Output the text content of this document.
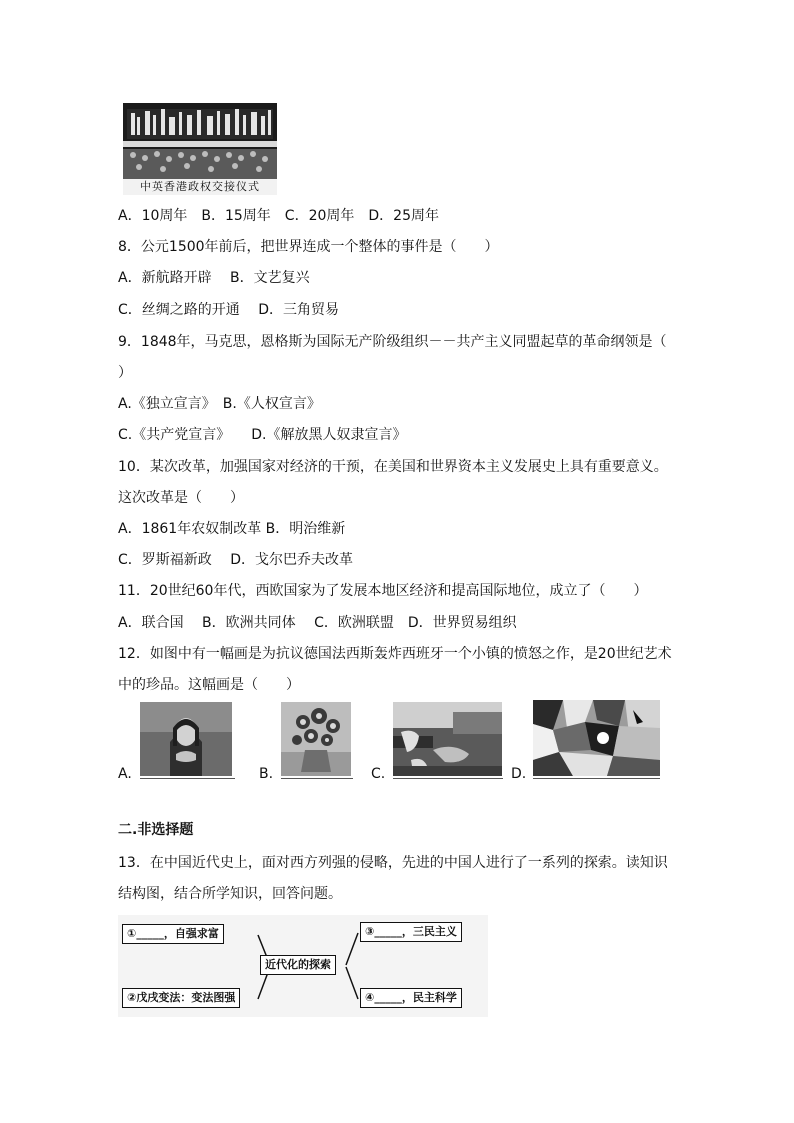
中英香港政权交接仪式
A．10周年　B．15周年　C．20周年　D．25周年
8．公元1500年前后，把世界连成一个整体的事件是（　　）
A．新航路开辟　 B．文艺复兴
C．丝绸之路的开通　 D．三角贸易
9．1848年，马克思，恩格斯为国际无产阶级组织－－共产主义同盟起草的革命纲领是（
）
A.《独立宣言》　B.《人权宣言》
C.《共产党宣言》　　D.《解放黑人奴隶宣言》
10．某次改革，加强国家对经济的干预，在美国和世界资本主义发展史上具有重要意义。
这次改革是（　　）
A．1861年农奴制改革 B．明治维新
C．罗斯福新政　 D．戈尔巴乔夫改革
11．20世纪60年代，西欧国家为了发展本地区经济和提高国际地位，成立了（　　）
A．联合国　 B．欧洲共同体　 C．欧洲联盟　D．世界贸易组织
12．如图中有一幅画是为抗议德国法西斯轰炸西班牙一个小镇的愤怒之作，是20世纪艺术
中的珍品。这幅画是（　　）
A.	B.	C.	D.
二.非选择题
13．在中国近代史上，面对西方列强的侵略，先进的中国人进行了一系列的探索。读知识
结构图，结合所学知识，回答问题。
①_____，自强求富
②戊戌变法：变法图强
近代化的探索
③_____，三民主义
④_____，民主科学
